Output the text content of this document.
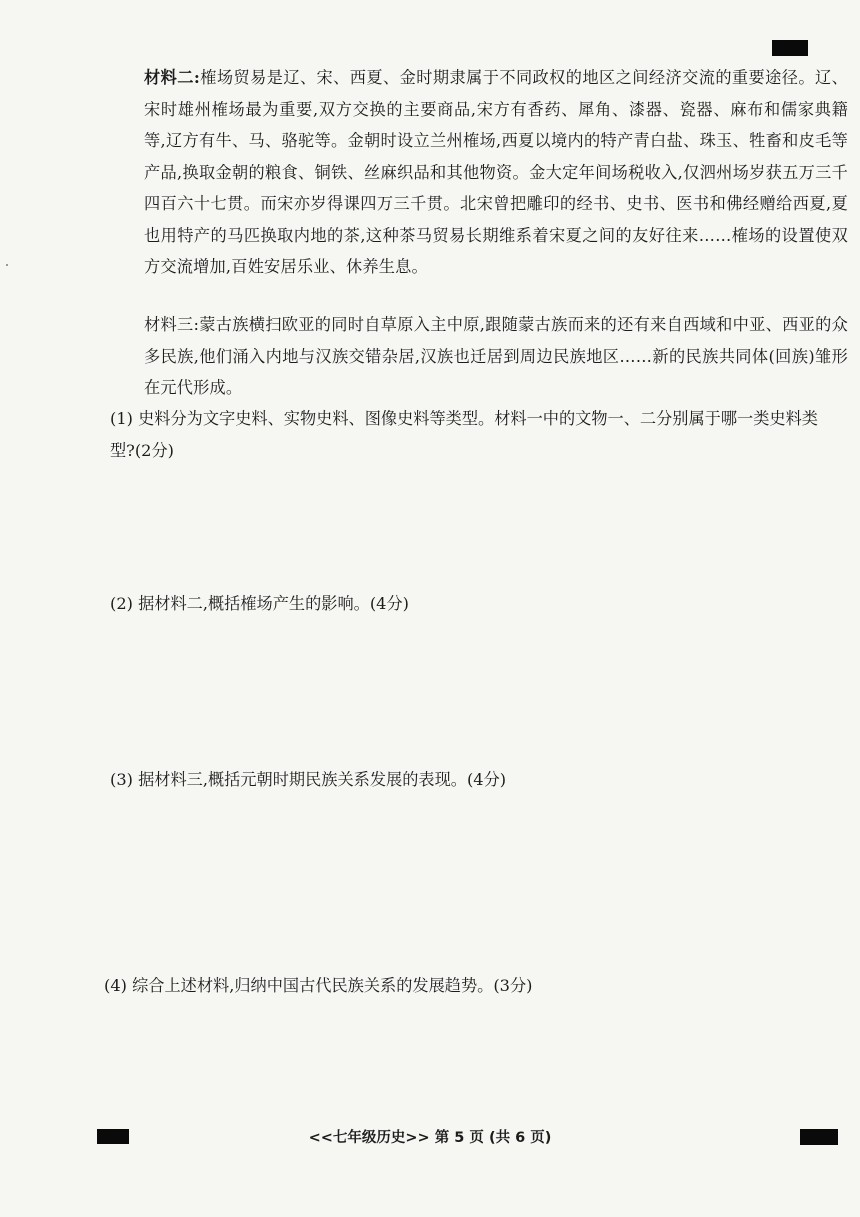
材料二:榷场贸易是辽、宋、西夏、金时期隶属于不同政权的地区之间经济交流的重要途径。辽、宋时雄州榷场最为重要,双方交换的主要商品,宋方有香药、犀角、漆器、瓷器、麻布和儒家典籍等,辽方有牛、马、骆驼等。金朝时设立兰州榷场,西夏以境内的特产青白盐、珠玉、牲畜和皮毛等产品,换取金朝的粮食、铜铁、丝麻织品和其他物资。金大定年间场税收入,仅泗州场岁获五万三千四百六十七贯。而宋亦岁得课四万三千贯。北宋曾把雕印的经书、史书、医书和佛经赠给西夏,夏也用特产的马匹换取内地的茶,这种茶马贸易长期维系着宋夏之间的友好往来……榷场的设置使双方交流增加,百姓安居乐业、休养生息。

材料三:蒙古族横扫欧亚的同时自草原入主中原,跟随蒙古族而来的还有来自西域和中亚、西亚的众多民族,他们涌入内地与汉族交错杂居,汉族也迁居到周边民族地区……新的民族共同体(回族)雏形在元代形成。

(1) 史料分为文字史料、实物史料、图像史料等类型。材料一中的文物一、二分别属于哪一类史料类型?(2分)

(2) 据材料二,概括榷场产生的影响。(4分)

(3) 据材料三,概括元朝时期民族关系发展的表现。(4分)

(4) 综合上述材料,归纳中国古代民族关系的发展趋势。(3分)

<<七年级历史>> 第 5 页 (共 6 页)
